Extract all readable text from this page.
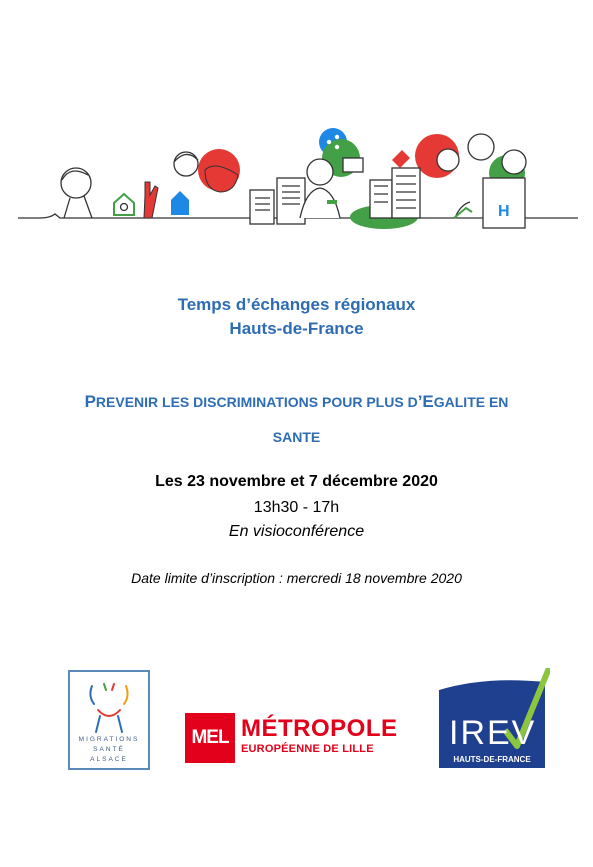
H
Temps d’échanges régionaux
Hauts-de-France
PREVENIR LES DISCRIMINATIONS POUR PLUS D’EGALITE EN
SANTE
Les 23 novembre et 7 décembre 2020
13h30 - 17h
En visioconférence
Date limite d’inscription : mercredi 18 novembre 2020
MIGRATIONS
SANTÉ
ALSACE
MEL MÉTROPOLE
EUROPÉENNE DE LILLE IREV
HAUTS-DE-FRANCE
